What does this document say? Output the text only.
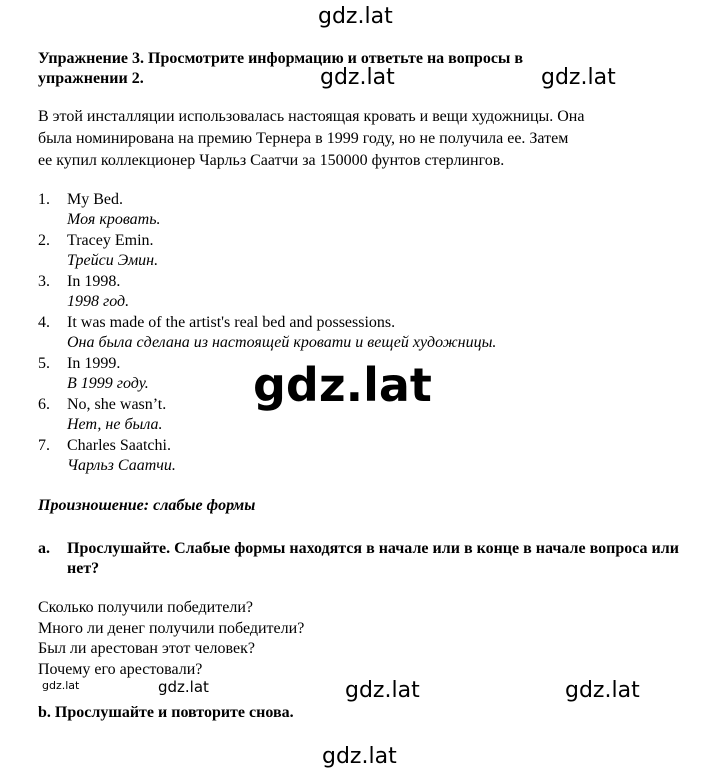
gdz.lat
gdz.lat	gdz.lat
gdz.lat
gdz.lat	gdz.lat	gdz.lat	gdz.lat
gdz.lat
Упражнение 3. Просмотрите информацию и ответьте на вопросы в
упражнении 2.
В этой инсталляции использовалась настоящая кровать и вещи художницы. Она
была номинирована на премию Тернера в 1999 году, но не получила ее. Затем
ее купил коллекционер Чарльз Саатчи за 150000 фунтов стерлингов.
1. My Bed.
Моя кровать.
2. Tracey Emin.
Трейси Эмин.
3. In 1998.
1998 год.
4. It was made of the artist's real bed and possessions.
Она была сделана из настоящей кровати и вещей художницы.
5. In 1999.
В 1999 году.
6. No, she wasn’t.
Нет, не была.
7. Charles Saatchi.
Чарльз Саатчи.
Произношение: слабые формы
a. Прослушайте. Слабые формы находятся в начале или в конце в начале вопроса или нет?
Сколько получили победители?
Много ли денег получили победители?
Был ли арестован этот человек?
Почему его арестовали?
b. Прослушайте и повторите снова.
